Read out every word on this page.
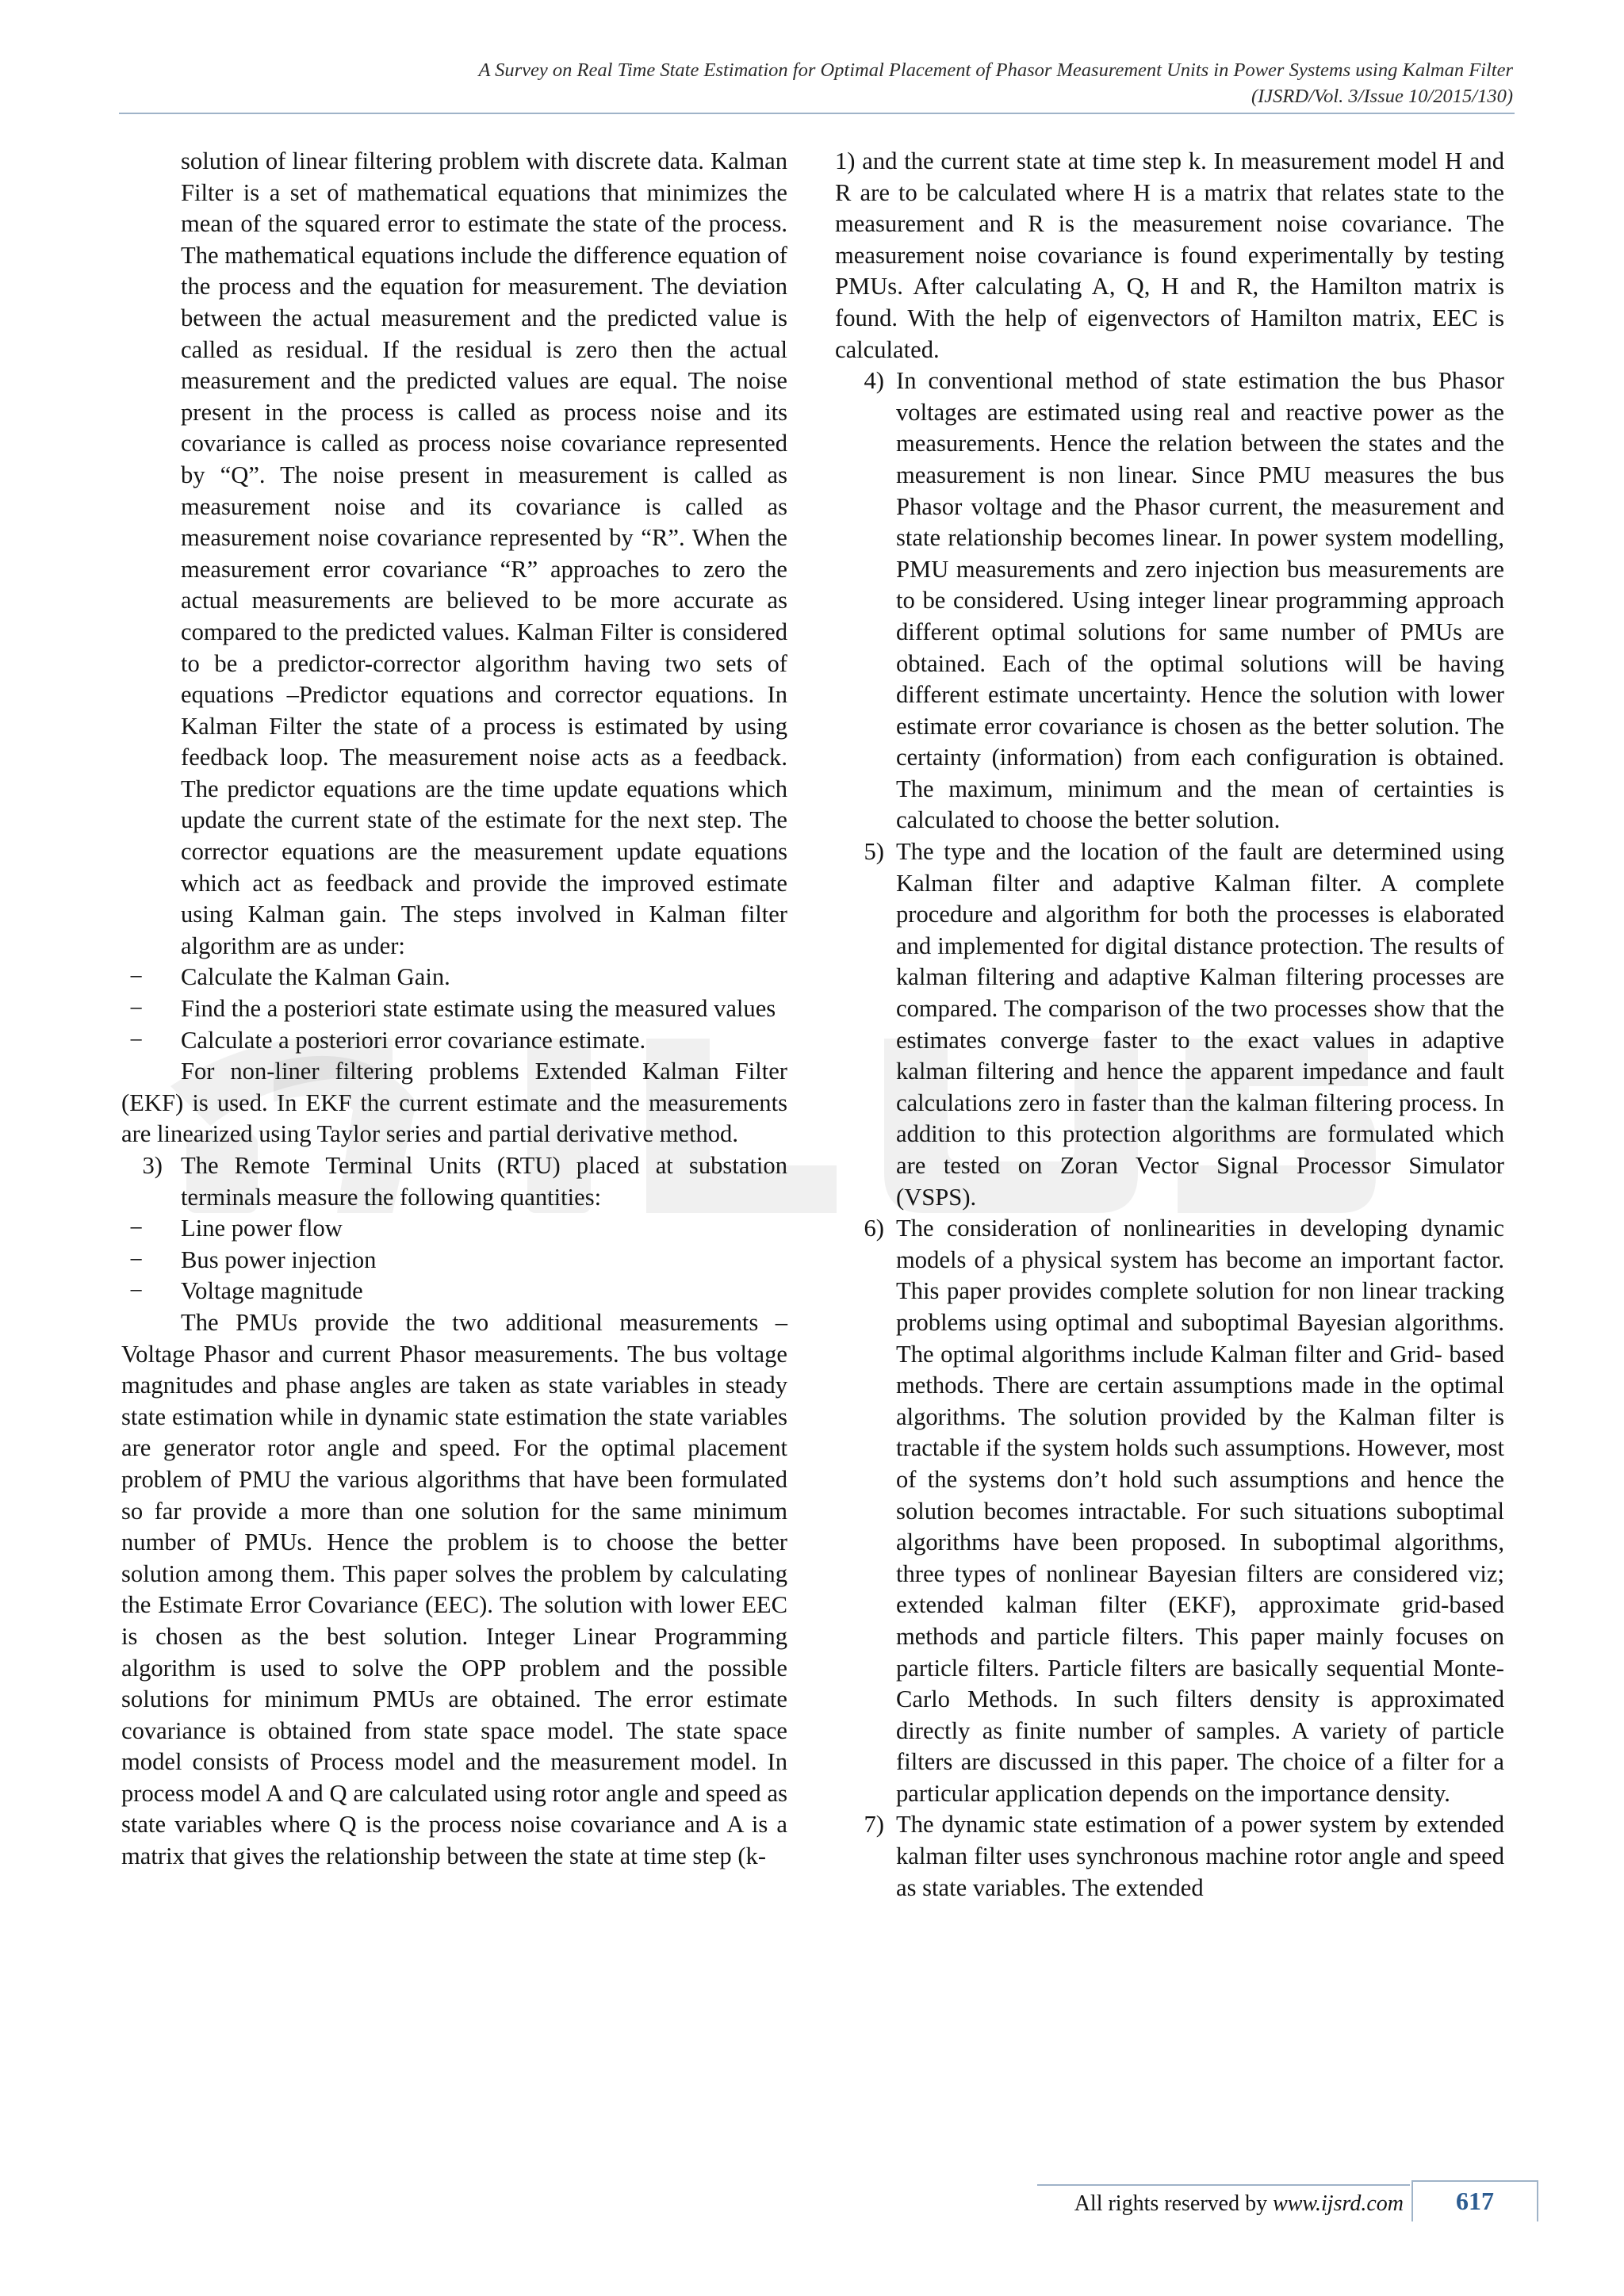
A Survey on Real Time State Estimation for Optimal Placement of Phasor Measurement Units in Power Systems using Kalman Filter
(IJSRD/Vol. 3/Issue 10/2015/130)
solution of linear filtering problem with discrete data. Kalman Filter is a set of mathematical equations that minimizes the mean of the squared error to estimate the state of the process. The mathematical equations include the difference equation of the process and the equation for measurement. The deviation between the actual measurement and the predicted value is called as residual. If the residual is zero then the actual measurement and the predicted values are equal. The noise present in the process is called as process noise and its covariance is called as process noise covariance represented by “Q”. The noise present in measurement is called as measurement noise and its covariance is called as measurement noise covariance represented by “R”. When the measurement error covariance “R” approaches to zero the actual measurements are believed to be more accurate as compared to the predicted values. Kalman Filter is considered to be a predictor-corrector algorithm having two sets of equations –Predictor equations and corrector equations. In Kalman Filter the state of a process is estimated by using feedback loop. The measurement noise acts as a feedback. The predictor equations are the time update equations which update the current state of the estimate for the next step. The corrector equations are the measurement update equations which act as feedback and provide the improved estimate using Kalman gain. The steps involved in Kalman filter algorithm are as under:
−	Calculate the Kalman Gain.
−	Find the a posteriori state estimate using the measured values
−	Calculate a posteriori error covariance estimate.
For non-liner filtering problems Extended Kalman Filter (EKF) is used. In EKF the current estimate and the measurements are linearized using Taylor series and partial derivative method.
3) The Remote Terminal Units (RTU) placed at substation terminals measure the following quantities:
−	Line power flow
−	Bus power injection
−	Voltage magnitude
The PMUs provide the two additional measurements – Voltage Phasor and current Phasor measurements. The bus voltage magnitudes and phase angles are taken as state variables in steady state estimation while in dynamic state estimation the state variables are generator rotor angle and speed. For the optimal placement problem of PMU the various algorithms that have been formulated so far provide a more than one solution for the same minimum number of PMUs. Hence the problem is to choose the better solution among them. This paper solves the problem by calculating the Estimate Error Covariance (EEC). The solution with lower EEC is chosen as the best solution. Integer Linear Programming algorithm is used to solve the OPP problem and the possible solutions for minimum PMUs are obtained. The error estimate covariance is obtained from state space model. The state space model consists of Process model and the measurement model. In process model A and Q are calculated using rotor angle and speed as state variables where Q is the process noise covariance and A is a matrix that gives the relationship between the state at time step (k-
1) and the current state at time step k. In measurement model H and R are to be calculated where H is a matrix that relates state to the measurement and R is the measurement noise covariance. The measurement noise covariance is found experimentally by testing PMUs. After calculating A, Q, H and R, the Hamilton matrix is found. With the help of eigenvectors of Hamilton matrix, EEC is calculated.
4) In conventional method of state estimation the bus Phasor voltages are estimated using real and reactive power as the measurements. Hence the relation between the states and the measurement is non linear. Since PMU measures the bus Phasor voltage and the Phasor current, the measurement and state relationship becomes linear. In power system modelling, PMU measurements and zero injection bus measurements are to be considered. Using integer linear programming approach different optimal solutions for same number of PMUs are obtained. Each of the optimal solutions will be having different estimate uncertainty. Hence the solution with lower estimate error covariance is chosen as the better solution. The certainty (information) from each configuration is obtained. The maximum, minimum and the mean of certainties is calculated to choose the better solution.
5) The type and the location of the fault are determined using Kalman filter and adaptive Kalman filter. A complete procedure and algorithm for both the processes is elaborated and implemented for digital distance protection. The results of kalman filtering and adaptive Kalman filtering processes are compared. The comparison of the two processes show that the estimates converge faster to the exact values in adaptive kalman filtering and hence the apparent impedance and fault calculations zero in faster than the kalman filtering process. In addition to this protection algorithms are formulated which are tested on Zoran Vector Signal Processor Simulator (VSPS).
6) The consideration of nonlinearities in developing dynamic models of a physical system has become an important factor. This paper provides complete solution for non linear tracking problems using optimal and suboptimal Bayesian algorithms. The optimal algorithms include Kalman filter and Grid- based methods. There are certain assumptions made in the optimal algorithms. The solution provided by the Kalman filter is tractable if the system holds such assumptions. However, most of the systems don’t hold such assumptions and hence the solution becomes intractable. For such situations suboptimal algorithms have been proposed. In suboptimal algorithms, three types of nonlinear Bayesian filters are considered viz; extended kalman filter (EKF), approximate grid-based methods and particle filters. This paper mainly focuses on particle filters. Particle filters are basically sequential Monte-Carlo Methods. In such filters density is approximated directly as finite number of samples. A variety of particle filters are discussed in this paper. The choice of a filter for a particular application depends on the importance density.
7) The dynamic state estimation of a power system by extended kalman filter uses synchronous machine rotor angle and speed as state variables. The extended
All rights reserved by www.ijsrd.com	617
